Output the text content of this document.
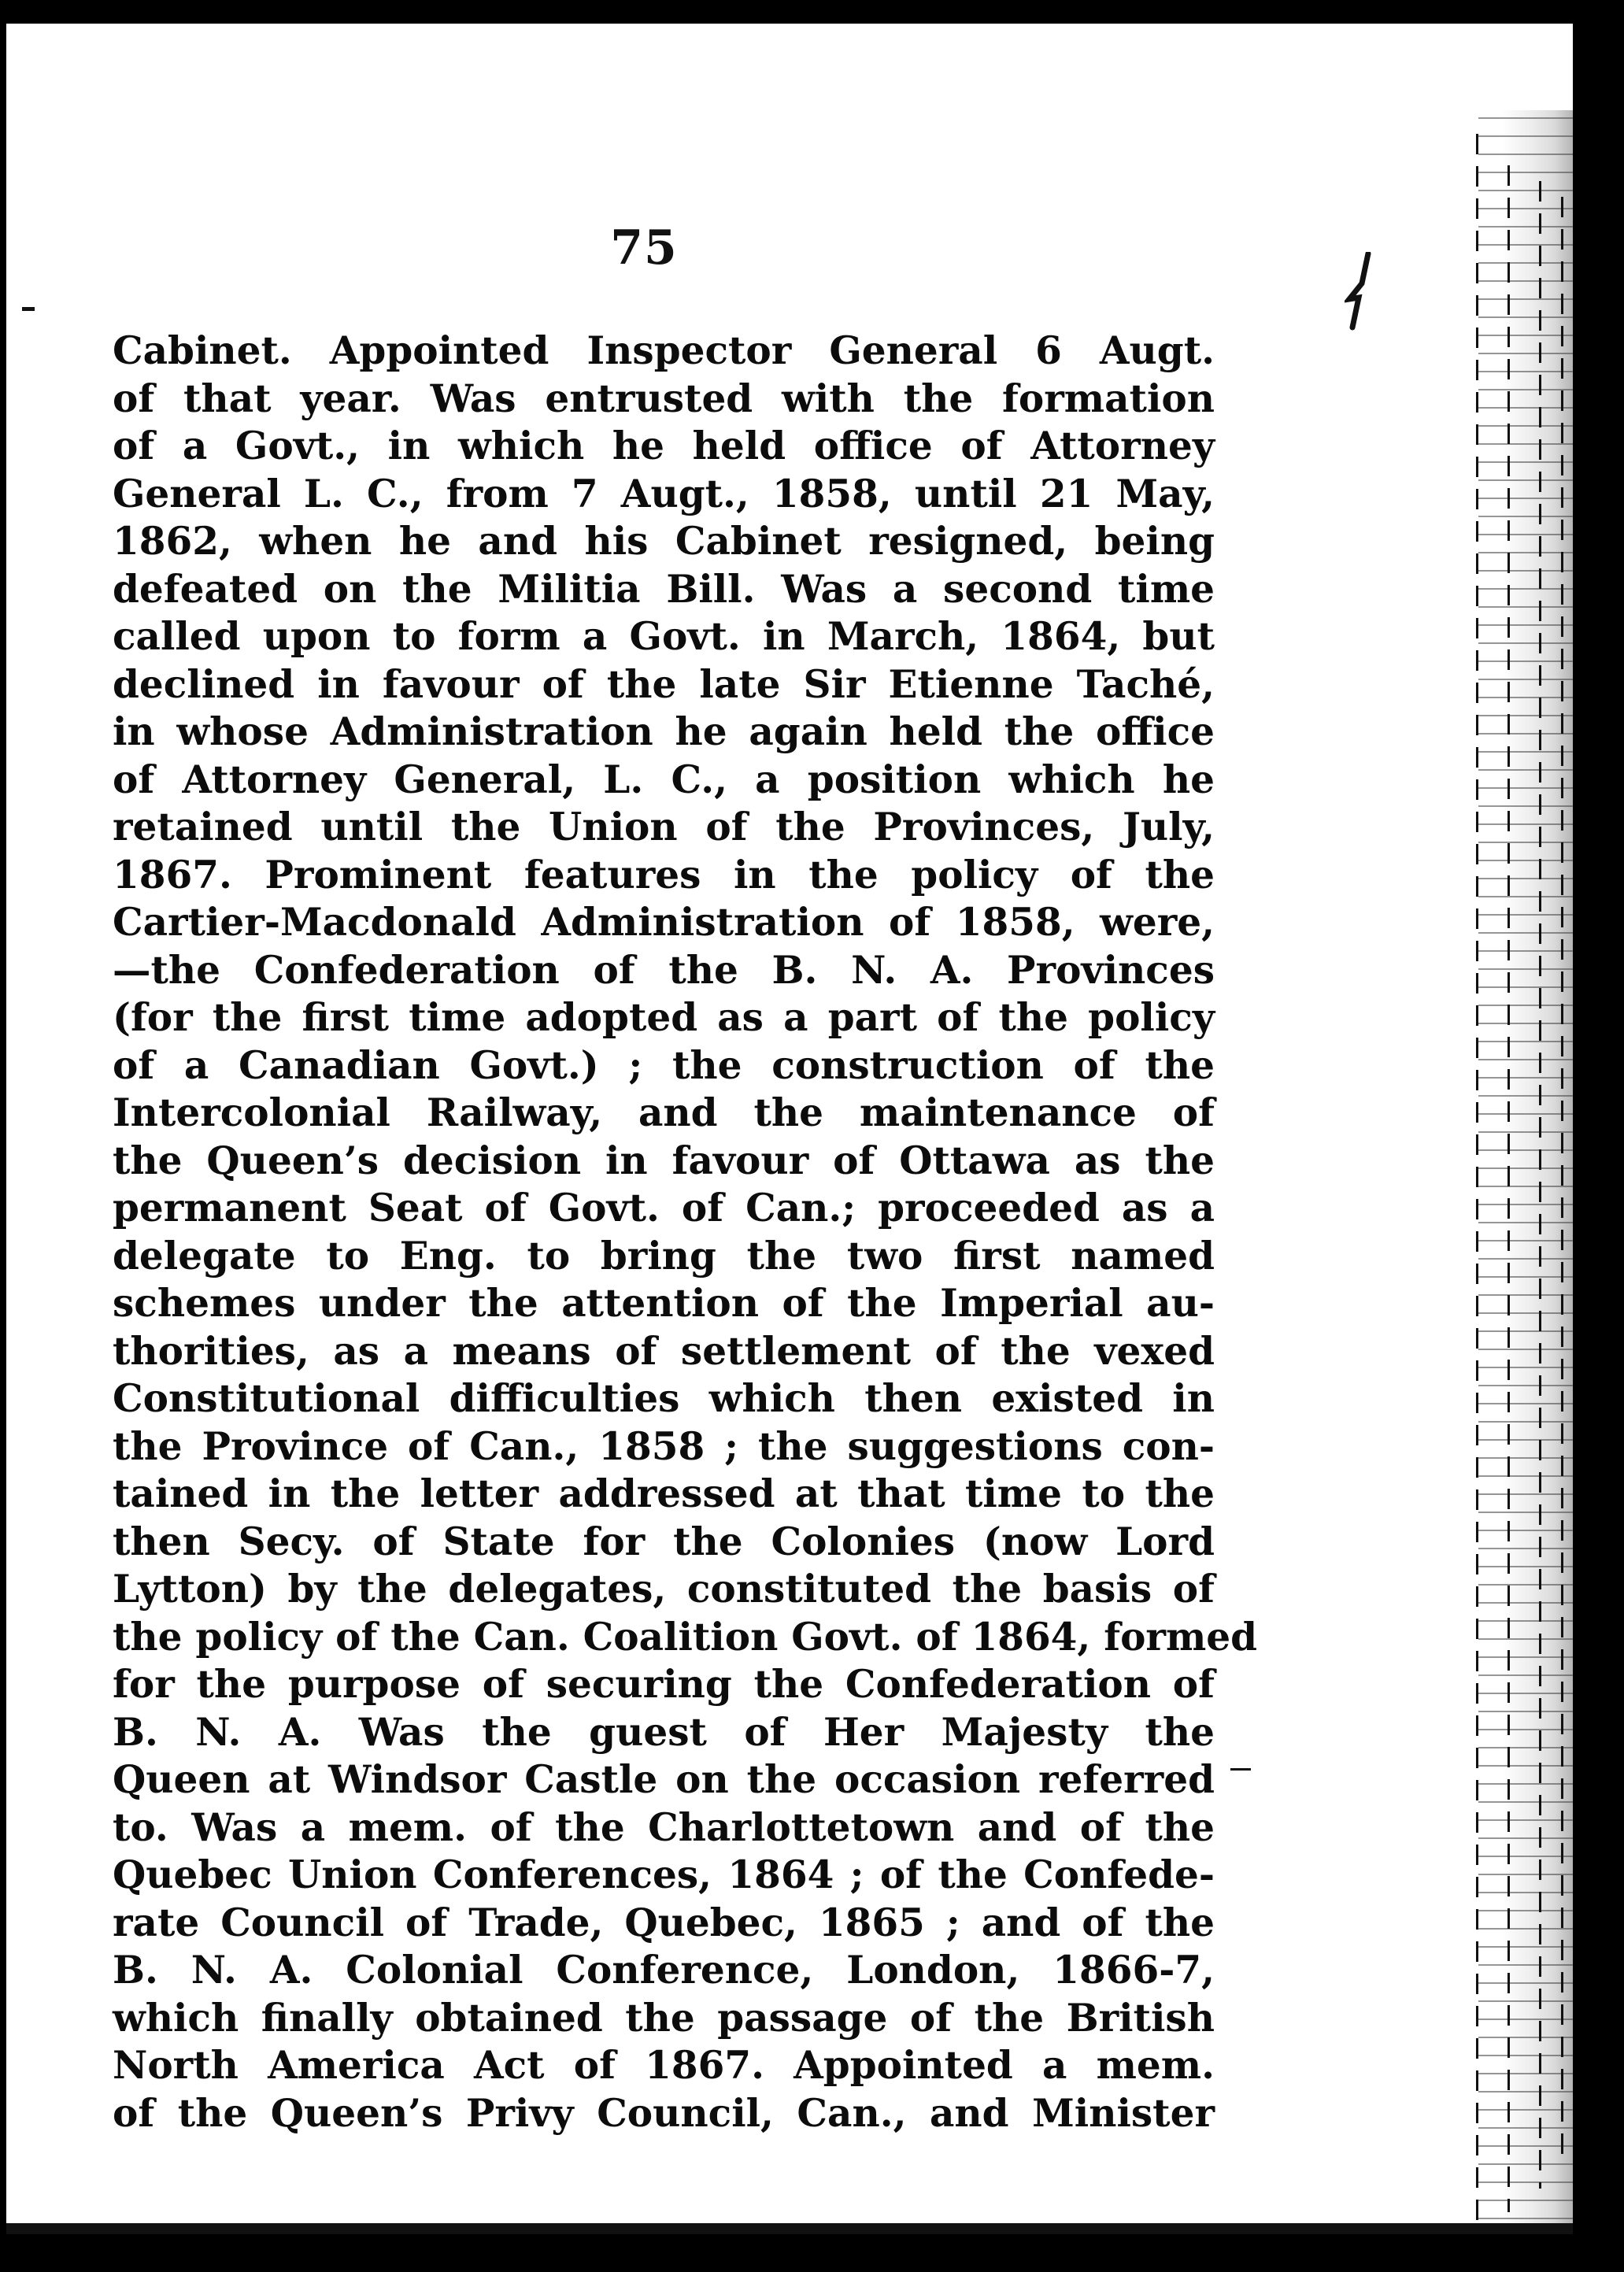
75
Cabinet. Appointed Inspector General 6 Augt.
of that year. Was entrusted with the formation
of a Govt., in which he held office of Attorney
General L. C., from 7 Augt., 1858, until 21 May,
1862, when he and his Cabinet resigned, being
defeated on the Militia Bill. Was a second time
called upon to form a Govt. in March, 1864, but
declined in favour of the late Sir Etienne Taché,
in whose Administration he again held the office
of Attorney General, L. C., a position which he
retained until the Union of the Provinces, July,
1867. Prominent features in the policy of the
Cartier-Macdonald Administration of 1858, were,
—the Confederation of the B. N. A. Provinces
(for the first time adopted as a part of the policy
of a Canadian Govt.) ; the construction of the
Intercolonial Railway, and the maintenance of
the Queen’s decision in favour of Ottawa as the
permanent Seat of Govt. of Can.; proceeded as a
delegate to Eng. to bring the two first named
schemes under the attention of the Imperial au-
thorities, as a means of settlement of the vexed
Constitutional difficulties which then existed in
the Province of Can., 1858 ; the suggestions con-
tained in the letter addressed at that time to the
then Secy. of State for the Colonies (now Lord
Lytton) by the delegates, constituted the basis of
the policy of the Can. Coalition Govt. of 1864, formed
for the purpose of securing the Confederation of
B. N. A. Was the guest of Her Majesty the
Queen at Windsor Castle on the occasion referred
to. Was a mem. of the Charlottetown and of the
Quebec Union Conferences, 1864 ; of the Confede-
rate Council of Trade, Quebec, 1865 ; and of the
B. N. A. Colonial Conference, London, 1866-7,
which finally obtained the passage of the British
North America Act of 1867. Appointed a mem.
of the Queen’s Privy Council, Can., and Minister
